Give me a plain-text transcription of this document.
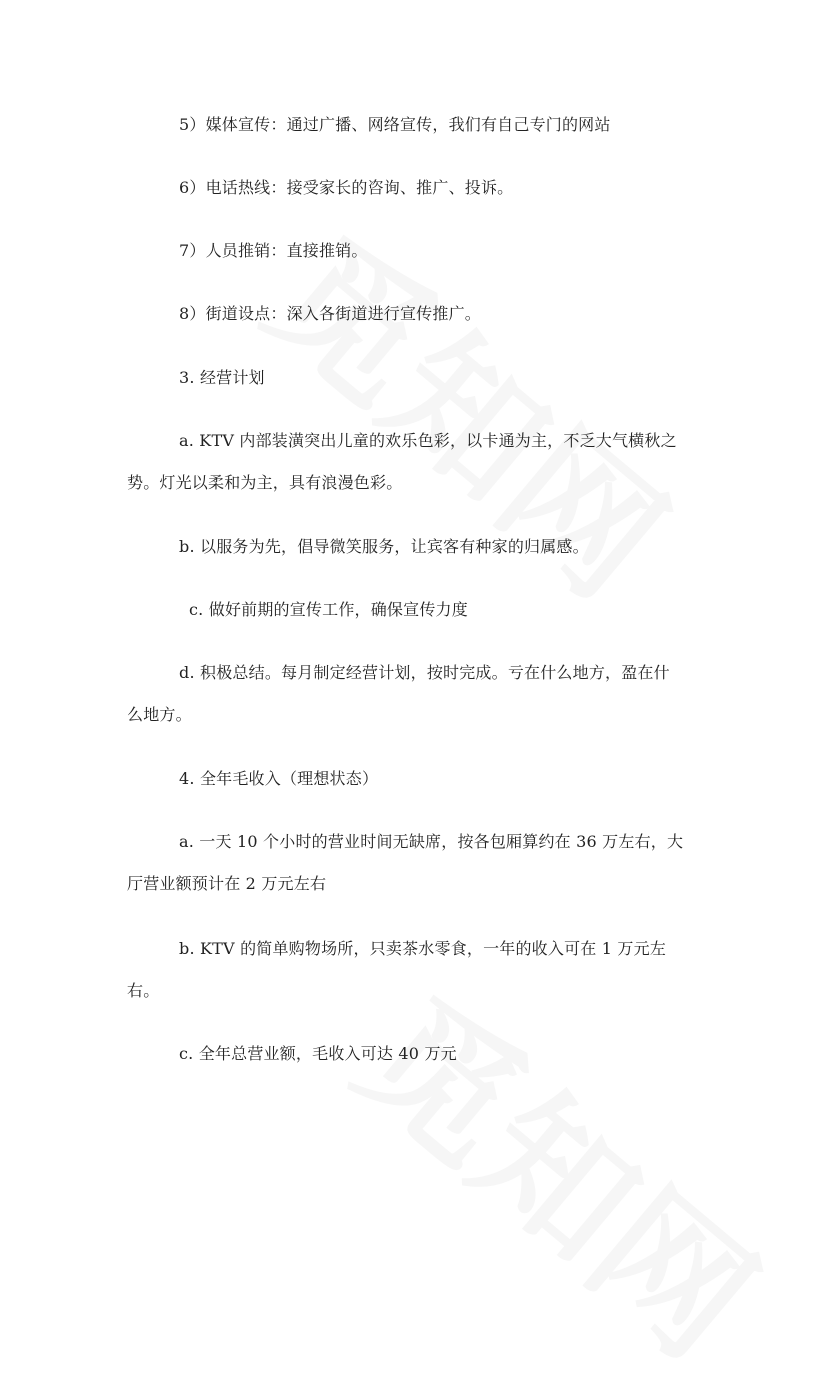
5）媒体宣传：通过广播、网络宣传，我们有自己专门的网站
6）电话热线：接受家长的咨询、推广、投诉。
7）人员推销：直接推销。
8）街道设点：深入各街道进行宣传推广。
3. 经营计划
a. KTV 内部装潢突出儿童的欢乐色彩，以卡通为主，不乏大气横秋之
势。灯光以柔和为主，具有浪漫色彩。
b. 以服务为先，倡导微笑服务，让宾客有种家的归属感。
c. 做好前期的宣传工作，确保宣传力度
d. 积极总结。每月制定经营计划，按时完成。亏在什么地方，盈在什
么地方。
4. 全年毛收入（理想状态）
a. 一天 10 个小时的营业时间无缺席，按各包厢算约在 36 万左右，大
厅营业额预计在 2 万元左右
b. KTV 的简单购物场所，只卖茶水零食，一年的收入可在 1 万元左
右。
c. 全年总营业额，毛收入可达 40 万元
